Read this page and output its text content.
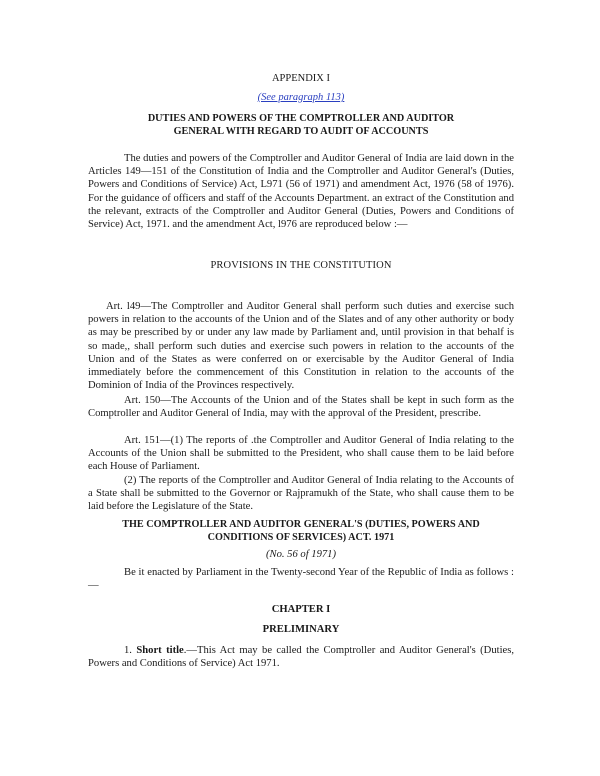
APPENDIX I

(See paragraph 113)

DUTIES AND POWERS OF THE COMPTROLLER AND AUDITOR
GENERAL WITH REGARD TO AUDIT OF ACCOUNTS

The duties and powers of the Comptroller and Auditor General of India are laid down in the Articles 149—151 of the Constitution of India and the Comptroller and Auditor General's (Duties, Powers and Conditions of Service) Act, L971 (56 of 1971) and amendment Act, 1976 (58 of 1976). For the guidance of officers and staff of the Accounts Department. an extract of the Constitution and the relevant, extracts of the Comptroller and Auditor General (Duties, Powers and Conditions of Service) Act, 1971. and the amendment Act, l976 are reproduced below :—

PROVISIONS IN THE CONSTITUTION

Art. l49—The Comptroller and Auditor General shall perform such duties and exercise such powers in relation to the accounts of the Union and of the Slates and of any other authority or body as may be prescribed by or under any law made by Parliament and, until provision in that behalf is so made,, shall perform such duties and exercise such powers in relation to the accounts of the Union and of the States as were conferred on or exercisable by the Auditor General of India immediately before the commencement of this Constitution in relation to the accounts of the Dominion of India of the Provinces respectively.

Art. 150—The Accounts of the Union and of the States shall be kept in such form as the Comptroller and Auditor General of India, may with the approval of the President, prescribe.

Art. 151—(1) The reports of .the Comptroller and Auditor General of India relating to the Accounts of the Union shall be submitted to the President, who shall cause them to be laid before each House of Parliament.

(2) The reports of the Comptroller and Auditor General of India relating to the Accounts of a State shall be submitted to the Governor or Rajpramukh of the State, who shall cause them to be laid before the Legislature of the State.

THE COMPTROLLER AND AUDITOR GENERAL'S (DUTIES, POWERS AND
CONDITIONS OF SERVICES) ACT. 1971

(No. 56 of 1971)

Be it enacted by Parliament in the Twenty-second Year of the Republic of India as follows :—

CHAPTER I

PRELIMINARY

1. Short title.—This Act may be called the Comptroller and Auditor General's (Duties, Powers and Conditions of Service) Act 1971.
